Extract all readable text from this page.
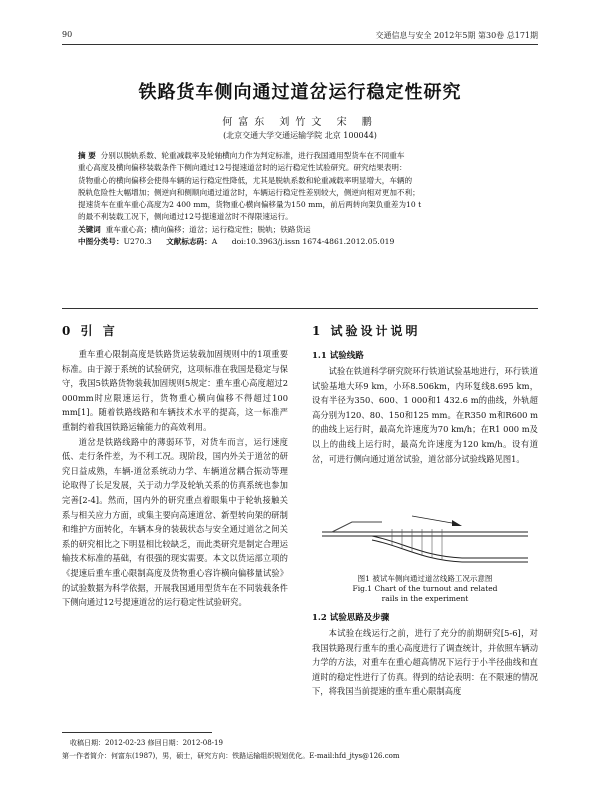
90	交通信息与安全 2012年5期 第30卷 总171期
铁路货车侧向通过道岔运行稳定性研究
何富东 刘竹文 宋 鹏
(北京交通大学交通运输学院 北京 100044)
摘 要 分别以脱轨系数、轮重减载率及轮轴横向力作为判定标准，进行我国通用型货车在不同重车
重心高度及横向偏移装载条件下侧向通过12号提速道岔时的运行稳定性试验研究。研究结果表明：
货物重心的横向偏移会使得车辆的运行稳定性降低，尤其是脱轨系数和轮重减载率明显增大，车辆的
脱轨危险性大幅增加；侧逆向和侧顺向通过道岔时，车辆运行稳定性差别较大，侧逆向相对更加不利；
提速货车在重车重心高度为2 400 mm，货物重心横向偏移量为150 mm，前后两转向架负重差为10 t
的最不利装载工况下，侧向通过12号提速道岔时不得限速运行。
关键词 重车重心高；横向偏移；道岔；运行稳定性；脱轨；铁路货运
中图分类号：U270.3 文献标志码：A doi:10.3963/j.issn 1674-4861.2012.05.019
0 引 言

重车重心限制高度是铁路货运装载加固规则中的1项重要标准。由于源于系统的试验研究，这项标准在我国是稳定与保守，我国5铁路货物装载加固规则5规定：重车重心高度超过2 000mm时应限速运行，货物重心横向偏移不得超过100 mm[1]。随着铁路线路和车辆技术水平的提高，这一标准严重制约着我国铁路运输能力的高效利用。

道岔是铁路线路中的薄弱环节，对货车而言，运行速度低、走行条件差，为不利工况。现阶段，国内外关于道岔的研究日益成熟，车辆-道岔系统动力学、车辆道岔耦合振动等理论取得了长足发展，关于动力学及轮轨关系的仿真系统也参加完善[2-4]。然而，国内外的研究重点着眼集中于轮轨接触关系与相关应力方面，或集主要向高速道岔、新型转向架的研制和维护方面转化，车辆本身的装载状态与安全通过道岔之间关系的研究相比之下明显相比较缺乏，而此类研究是制定合理运输技术标准的基础，有很强的现实需要。本文以货运部立项的《提速后重车重心限制高度及货物重心容许横向偏移量试验》的试验数据为科学依据，开展我国通用型货车在不同装载条件下侧向通过12号提速道岔的运行稳定性试验研究。

1 试验设计说明
1.1 试验线路

试验在铁道科学研究院环行铁道试验基地进行，环行铁道试验基地大环9 km，小环8.506km，内环复线8.695 km，设有半径为350、600、1 000和1 432.6 m的曲线，外轨超高分别为120、80、150和125 mm。在R350 m和R600 m的曲线上运行时，最高允许速度为70 km/h；在R1 000 m及以上的曲线上运行时，最高允许速度为120 km/h。设有道岔，可进行侧向通过道岔试验，道岔部分试验线路见图1。

图1 被试车侧向通过道岔线路工况示意图
Fig.1 Chart of the turnout and related
rails in the experiment
1.2 试验思路及步骤

本试验在线运行之前，进行了充分的前期研究[5-6]，对我国铁路现行重车的重心高度进行了调查统计，并依照车辆动力学的方法，对重车在重心超高情况下运行于小半径曲线和直道时的稳定性进行了仿真。得到的结论表明：在不限速的情况下，将我国当前提速的重车重心限制高度

收稿日期：2012-02-23 修回日期：2012-08-19
第一作者简介：何富东(1987)，男，硕士，研究方向：铁路运输组织规划优化。E-mail:hfd_jtys@126.com
